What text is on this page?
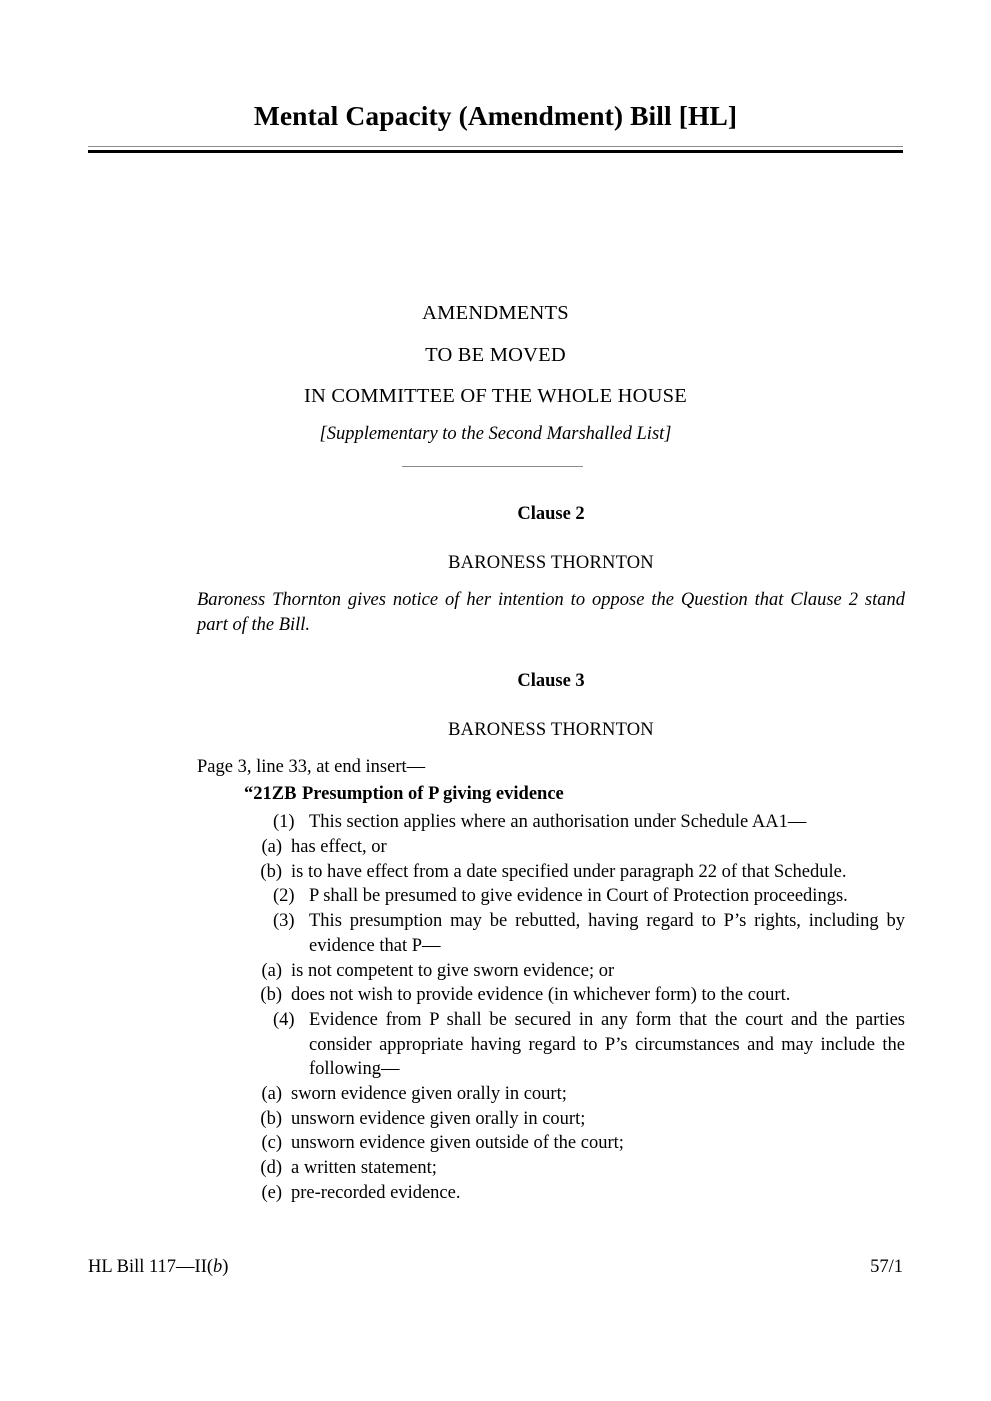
Mental Capacity (Amendment) Bill [HL]
AMENDMENTS
TO BE MOVED
IN COMMITTEE OF THE WHOLE HOUSE
[Supplementary to the Second Marshalled List]
Clause 2
BARONESS THORNTON
Baroness Thornton gives notice of her intention to oppose the Question that Clause 2 stand part of the Bill.
Clause 3
BARONESS THORNTON
Page 3, line 33, at end insert—
“21ZB Presumption of P giving evidence
(1) This section applies where an authorisation under Schedule AA1—

(a) has effect, or
(b) is to have effect from a date specified under paragraph 22 of that Schedule.
(2) P shall be presumed to give evidence in Court of Protection proceedings.

(3) This presumption may be rebutted, having regard to P’s rights, including by evidence that P—

(a) is not competent to give sworn evidence; or
(b) does not wish to provide evidence (in whichever form) to the court.
(4) Evidence from P shall be secured in any form that the court and the parties consider appropriate having regard to P’s circumstances and may include the following—

(a) sworn evidence given orally in court;
(b) unsworn evidence given orally in court;
(c) unsworn evidence given outside of the court;
(d) a written statement;
(e) pre-recorded evidence.
HL Bill 117—II(b)	57/1
